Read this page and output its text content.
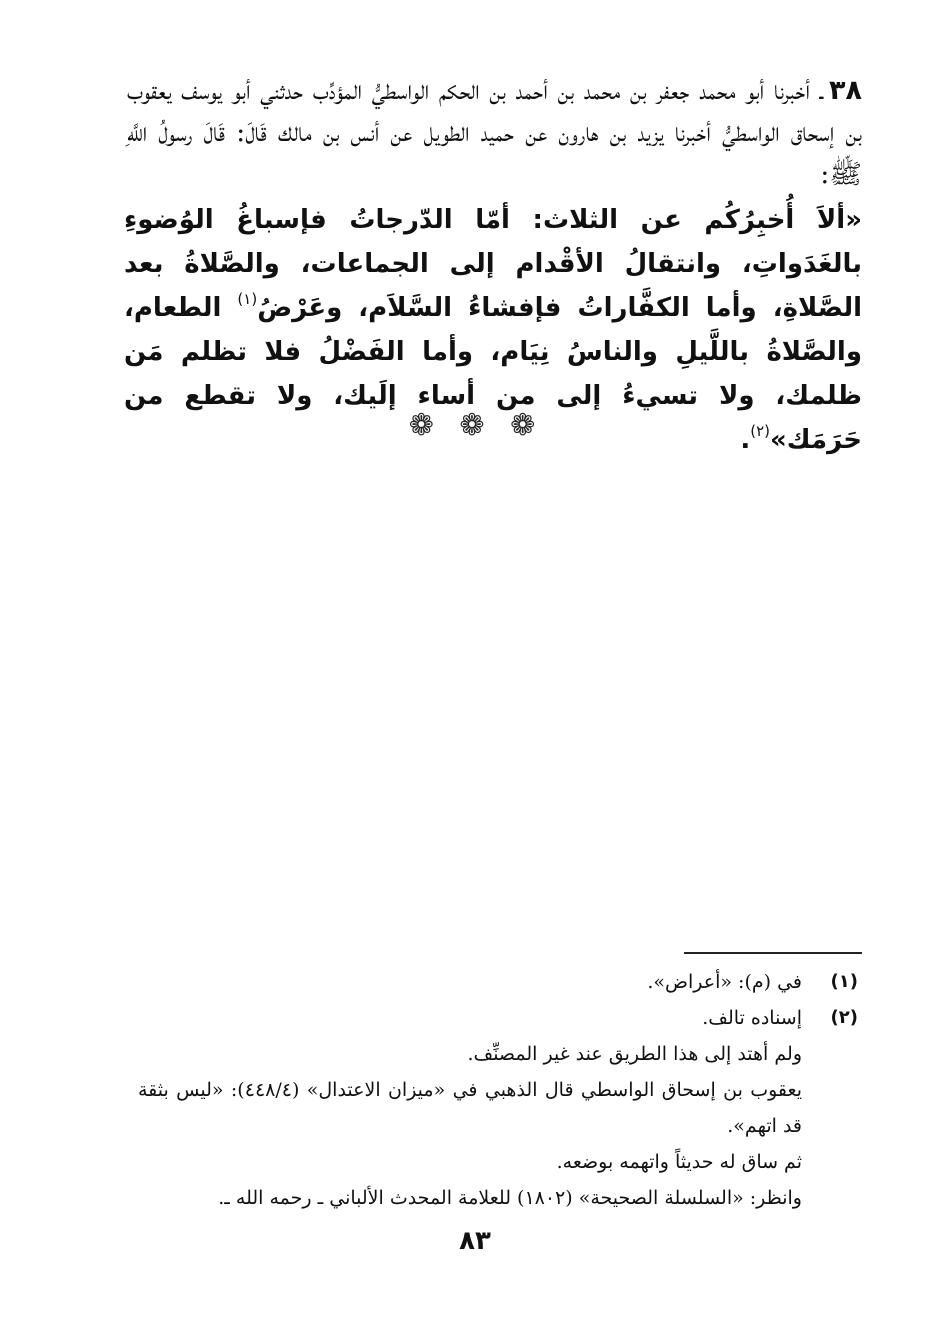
٣٨ـ أخبرنا أبو محمد جعفر بن محمد بن أحمد بن الحكم الواسطيُّ المؤدِّب حدثني أبو يوسف يعقوب بن إسحاق الواسطيُّ أخبرنا يزيد بن هارون عن حميد الطويل عن أنس بن مالك قَالَ: قَالَ رسولُ اللَّهِ ﷺ:

«ألاَ أُخبِرُكُم عن الثلاث: أمّا الدّرجاتُ فإسباغُ الوُضوءِ بالغَدَواتِ، وانتقالُ الأقْدام إلى الجماعات، والصَّلاةُ بعد الصَّلاةِ، وأما الكفَّاراتُ فإفشاءُ السَّلاَم، وعَرْضُ$^{(١)}$ الطعام، والصَّلاةُ باللَّيلِ والناسُ نِيَام، وأما الفَضْلُ فلا تظلم مَن ظلمك، ولا تسيءُ إلى من أساء إلَيك، ولا تقطع من حَرَمَك»$^{(٢)}$.

❁ ❁ ❁
(١)
في (م): «أعراض».
(٢)
إسناده تالف.
ولم أهتد إلى هذا الطريق عند غير المصنِّف.
يعقوب بن إسحاق الواسطي قال الذهبي في «ميزان الاعتدال» (٤٤٨/٤): «ليس بثقة قد اتهم».
ثم ساق له حديثاً واتهمه بوضعه.
وانظر: «السلسلة الصحيحة» (١٨٠٢) للعلامة المحدث الألباني ـ رحمه الله ـ.
٨٣
